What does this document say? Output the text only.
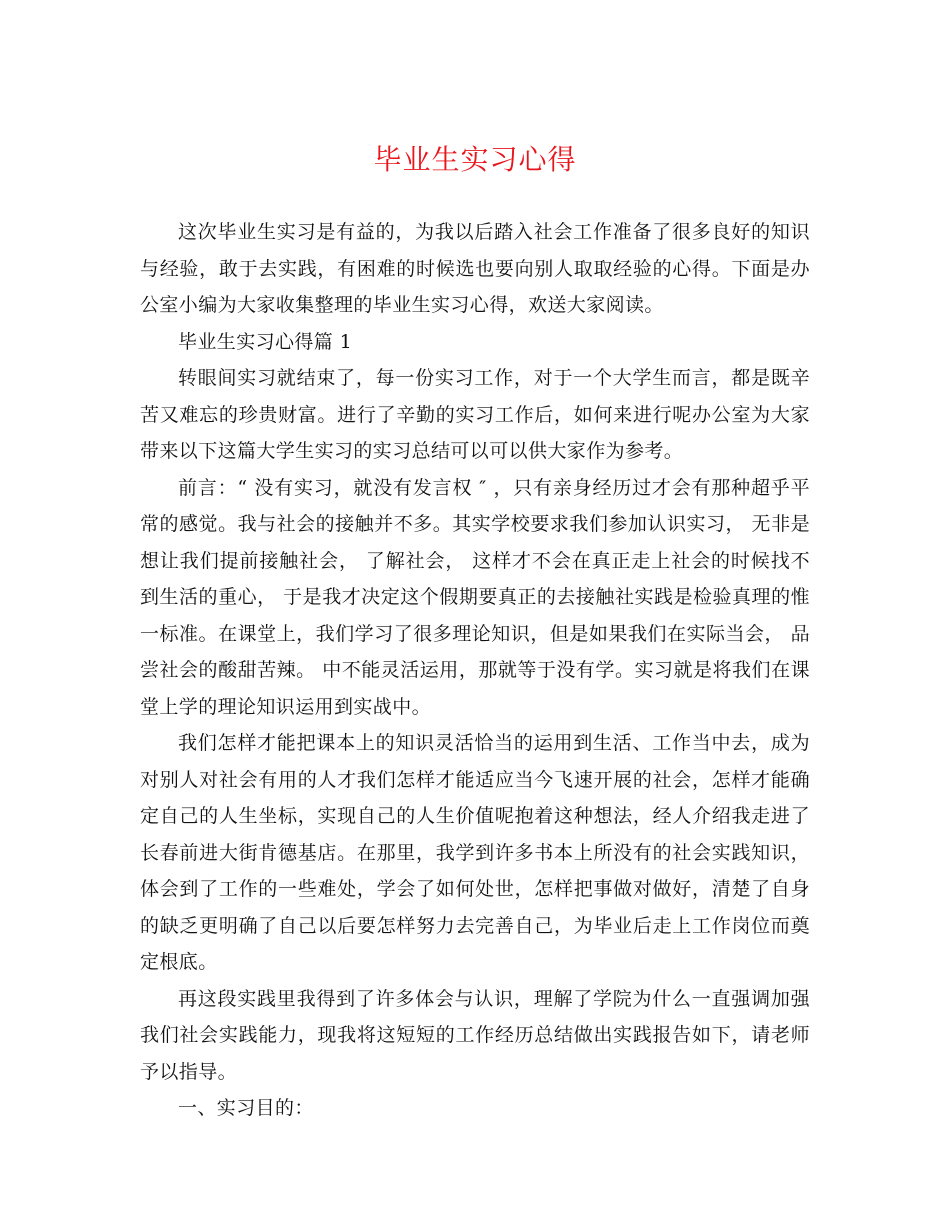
毕业生实习心得

这次毕业生实习是有益的，为我以后踏入社会工作准备了很多良好的知识与经验，敢于去实践，有困难的时候选也要向别人取取经验的心得。下面是办公室小编为大家收集整理的毕业生实习心得，欢送大家阅读。

毕业生实习心得篇 1

转眼间实习就结束了，每一份实习工作，对于一个大学生而言，都是既辛苦又难忘的珍贵财富。进行了辛勤的实习工作后，如何来进行呢办公室为大家带来以下这篇大学生实习的实习总结可以可以供大家作为参考。

前言：“ 没有实习，就没有发言权 ″ ，只有亲身经历过才会有那种超乎平常的感觉。我与社会的接触并不多。其实学校要求我们参加认识实习， 无非是想让我们提前接触社会， 了解社会， 这样才不会在真正走上社会的时候找不到生活的重心， 于是我才决定这个假期要真正的去接触社实践是检验真理的惟一标准。在课堂上，我们学习了很多理论知识，但是如果我们在实际当会， 品尝社会的酸甜苦辣。 中不能灵活运用，那就等于没有学。实习就是将我们在课堂上学的理论知识运用到实战中。

我们怎样才能把课本上的知识灵活恰当的运用到生活、工作当中去，成为对别人对社会有用的人才我们怎样才能适应当今飞速开展的社会，怎样才能确定自己的人生坐标，实现自己的人生价值呢抱着这种想法，经人介绍我走进了长春前进大街肯德基店。在那里，我学到许多书本上所没有的社会实践知识，体会到了工作的一些难处，学会了如何处世，怎样把事做对做好，清楚了自身的缺乏更明确了自己以后要怎样努力去完善自己，为毕业后走上工作岗位而奠定根底。

再这段实践里我得到了许多体会与认识，理解了学院为什么一直强调加强我们社会实践能力，现我将这短短的工作经历总结做出实践报告如下，请老师予以指导。

一、实习目的：
